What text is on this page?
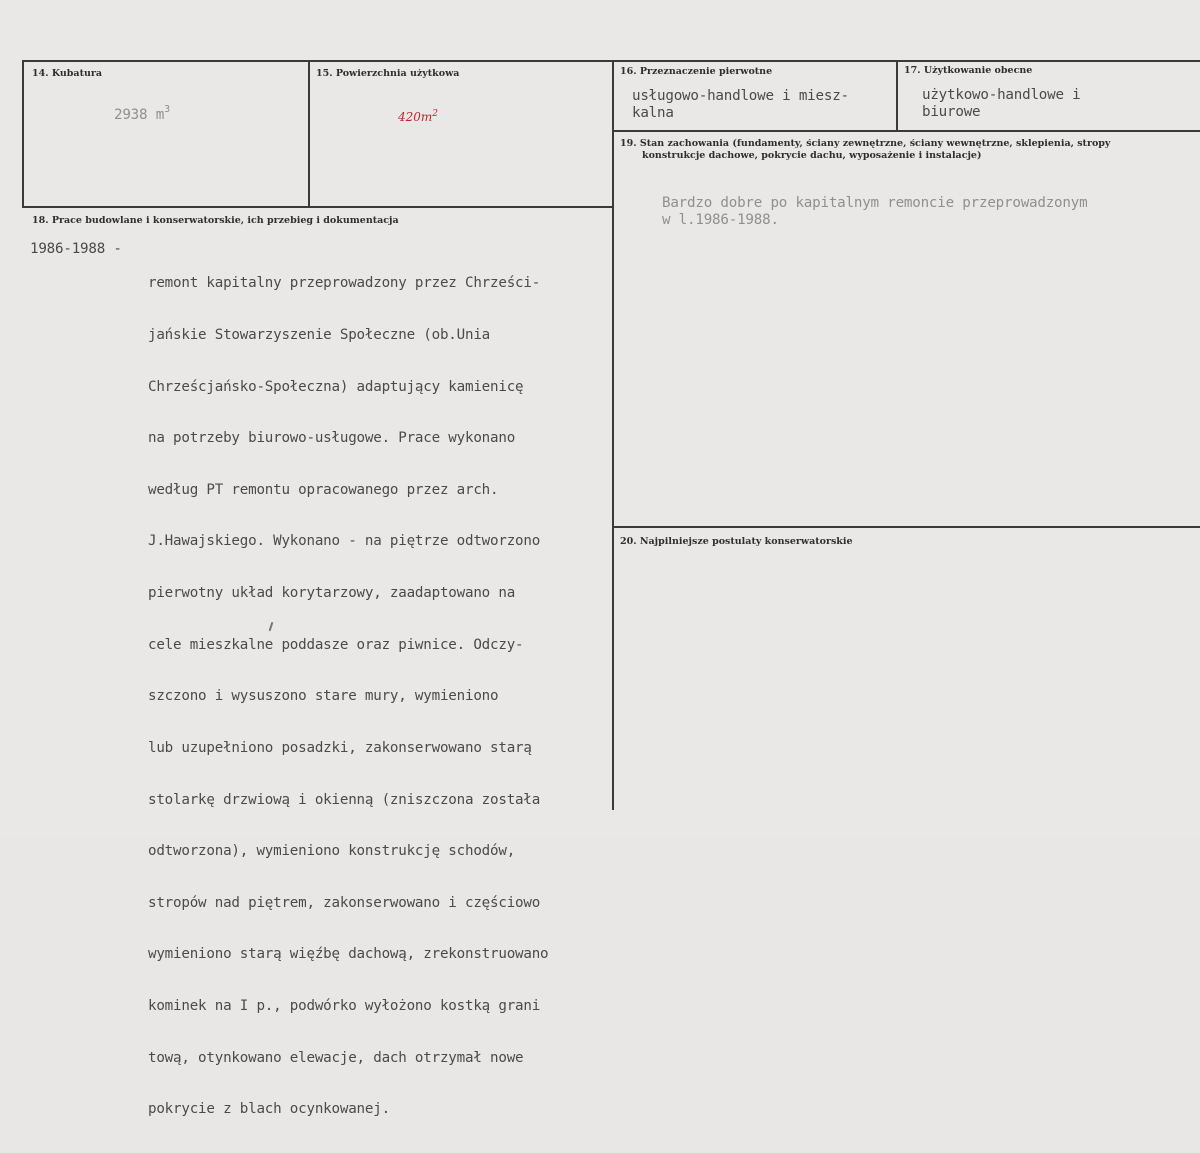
14. Kubatura
2938 $m^3$
15. Powierzchnia użytkowa
$420m^2$
16. Przeznaczenie pierwotne
usługowo-handlowe i miesz-
kalna
17. Użytkowanie obecne
użytkowo-handlowe i
biurowe
19. Stan zachowania (fundamenty, ściany zewnętrzne, ściany wewnętrzne, sklepienia, stropy
konstrukcje dachowe, pokrycie dachu, wyposażenie i instalacje)
Bardzo dobre po kapitalnym remoncie przeprowadzonym
w l.1986-1988.
18. Prace budowlane i konserwatorskie, ich przebieg i dokumentacja
1986-1988 -

remont kapitalny przeprowadzony przez Chrześci-

jańskie Stowarzyszenie Społeczne (ob.Unia

Chrześcjańsko-Społeczna) adaptujący kamienicę

na potrzeby biurowo-usługowe. Prace wykonano

według PT remontu opracowanego przez arch.

J.Hawajskiego. Wykonano - na piętrze odtworzono

pierwotny układ korytarzowy, zaadaptowano na

cele mieszkalne poddasze oraz piwnice. Odczy-

szczono i wysuszono stare mury, wymieniono

lub uzupełniono posadzki, zakonserwowano starą

stolarkę drzwiową i okienną (zniszczona została

odtworzona), wymieniono konstrukcję schodów,

stropów nad piętrem, zakonserwowano i częściowo

wymieniono starą więźbę dachową, zrekonstruowano

kominek na I p., podwórko wyłożono kostką grani

tową, otynkowano elewacje, dach otrzymał nowe

pokrycie z blach ocynkowanej.

20. Najpilniejsze postulaty konserwatorskie
